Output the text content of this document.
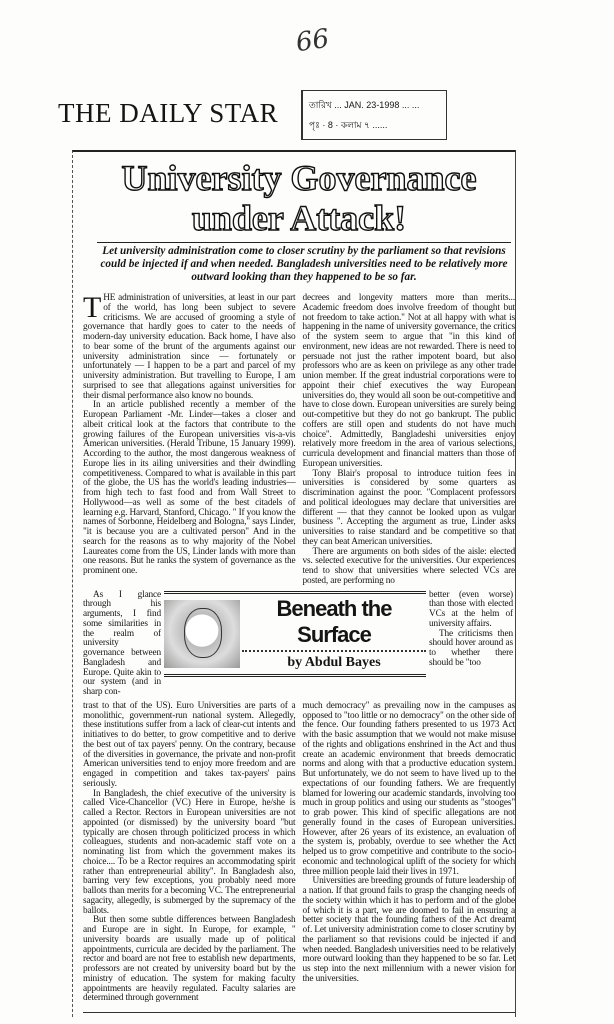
66
THE DAILY STAR	তারিখ ... JAN. 23-1998 ... ...
পৃঃ · 8 · কলাম ৭ ......
University Governance
under Attack!
Let university administration come to closer scrutiny by the parliament so that revisions could be injected if and when needed. Bangladesh universities need to be relatively more outward looking than they happened to be so far.

THE administration of universities, at least in our part of the world, has long been subject to severe criticisms. We are accused of grooming a style of governance that hardly goes to cater to the needs of modern-day university education. Back home, I have also to bear some of the brunt of the arguments against our university administration since — fortunately or unfortunately — I happen to be a part and parcel of my university administration. But travelling to Europe, I am surprised to see that allegations against universities for their dismal performance also know no bounds.

In an article published recently a member of the European Parliament -Mr. Linder—takes a closer and albeit critical look at the factors that contribute to the growing failures of the European universities vis-a-vis American universities. (Herald Tribune, 15 January 1999). According to the author, the most dangerous weakness of Europe lies in its ailing universities and their dwindling competitiveness. Compared to what is available in this part of the globe, the US has the world's leading industries—from high tech to fast food and from Wall Street to Hollywood—as well as some of the best citadels of learning e.g. Harvard, Stanford, Chicago. " If you know the names of Sorbonne, Heidelberg and Bologna," says Linder, "it is because you are a cultivated person" And in the search for the reasons as to why majority of the Nobel Laureates come from the US, Linder lands with more than one reasons. But he ranks the system of governance as the prominent one.

decrees and longevity matters more than merits... Academic freedom does involve freedom of thought but not freedom to take action." Not at all happy with what is happening in the name of university governance, the critics of the system seem to argue that "in this kind of environment, new ideas are not rewarded. There is need to persuade not just the rather impotent board, but also professors who are as keen on privilege as any other trade union member. If the great industrial corporations were to appoint their chief executives the way European universities do, they would all soon be out-competitive and have to close down. European universities are surely being out-competitive but they do not go bankrupt. The public coffers are still open and students do not have much choice". Admittedly, Bangladeshi universities enjoy relatively more freedom in the area of various selections, curricula development and financial matters than those of European universities.

Tony Blair's proposal to introduce tuition fees in universities is considered by some quarters as discrimination against the poor. "Complacent professors and political ideologues may declare that universities are different — that they cannot be looked upon as vulgar business ". Accepting the argument as true, Linder asks universities to raise standard and be competitive so that they can beat American universities.

There are arguments on both sides of the aisle: elected vs. selected executive for the universities. Our experiences tend to show that universities where selected VCs are posted, are performing no

As I glance through his arguments, I find some similarities in the realm of university governance between Bangladesh and Europe. Quite akin to our system (and in sharp con-

Beneath the Surface
by Abdul Bayes

better (even worse) than those with elected VCs at the helm of university affairs.

The criticisms then should hover around as to whether there should be "too

trast to that of the US). Euro Universities are parts of a monolithic, government-run national system. Allegedly, these institutions suffer from a lack of clear-cut intents and initiatives to do better, to grow competitive and to derive the best out of tax payers' penny. On the contrary, because of the diversities in governance, the private and non-profit American universities tend to enjoy more freedom and are engaged in competition and takes tax-payers' pains seriously.

In Bangladesh, the chief executive of the university is called Vice-Chancellor (VC) Here in Europe, he/she is called a Rector. Rectors in European universities are not appointed (or dismissed) by the university board "but typically are chosen through politicized process in which colleagues, students and non-academic staff vote on a nominating list from which the government makes its choice.... To be a Rector requires an accommodating spirit rather than entrepreneurial ability". In Bangladesh also, barring very few exceptions, you probably need more ballots than merits for a becoming VC. The entrepreneurial sagacity, allegedly, is submerged by the supremacy of the ballots.

But then some subtle differences between Bangladesh and Europe are in sight. In Europe, for example, " university boards are usually made up of political appointments, curricula are decided by the parliament. The rector and board are not free to establish new departments, professors are not created by university board but by the ministry of education. The system for making faculty appointments are heavily regulated. Faculty salaries are determined through government

much democracy" as prevailing now in the campuses as opposed to "too little or no democracy" on the other side of the fence. Our founding fathers presented to us 1973 Act with the basic assumption that we would not make misuse of the rights and obligations enshrined in the Act and thus create an academic environment that breeds democratic norms and along with that a productive education system. But unfortunately, we do not seem to have lived up to the expectations of our founding fathers. We are frequently blamed for lowering our academic standards, involving too much in group politics and using our students as "stooges" to grab power. This kind of specific allegations are not generally found in the cases of European universities. However, after 26 years of its existence, an evaluation of the system is, probably, overdue to see whether the Act helped us to grow competitive and contribute to the socio-economic and technological uplift of the society for which three million people laid their lives in 1971.

Universities are breeding grounds of future leadership of a nation. If that ground fails to grasp the changing needs of the society within which it has to perform and of the globe of which it is a part, we are doomed to fail in ensuring a better society that the founding fathers of the Act dreamt of. Let university administration come to closer scrutiny by the parliament so that revisions could be injected if and when needed. Bangladesh universities need to be relatively more outward looking than they happened to be so far. Let us step into the next millennium with a newer vision for the universities.
